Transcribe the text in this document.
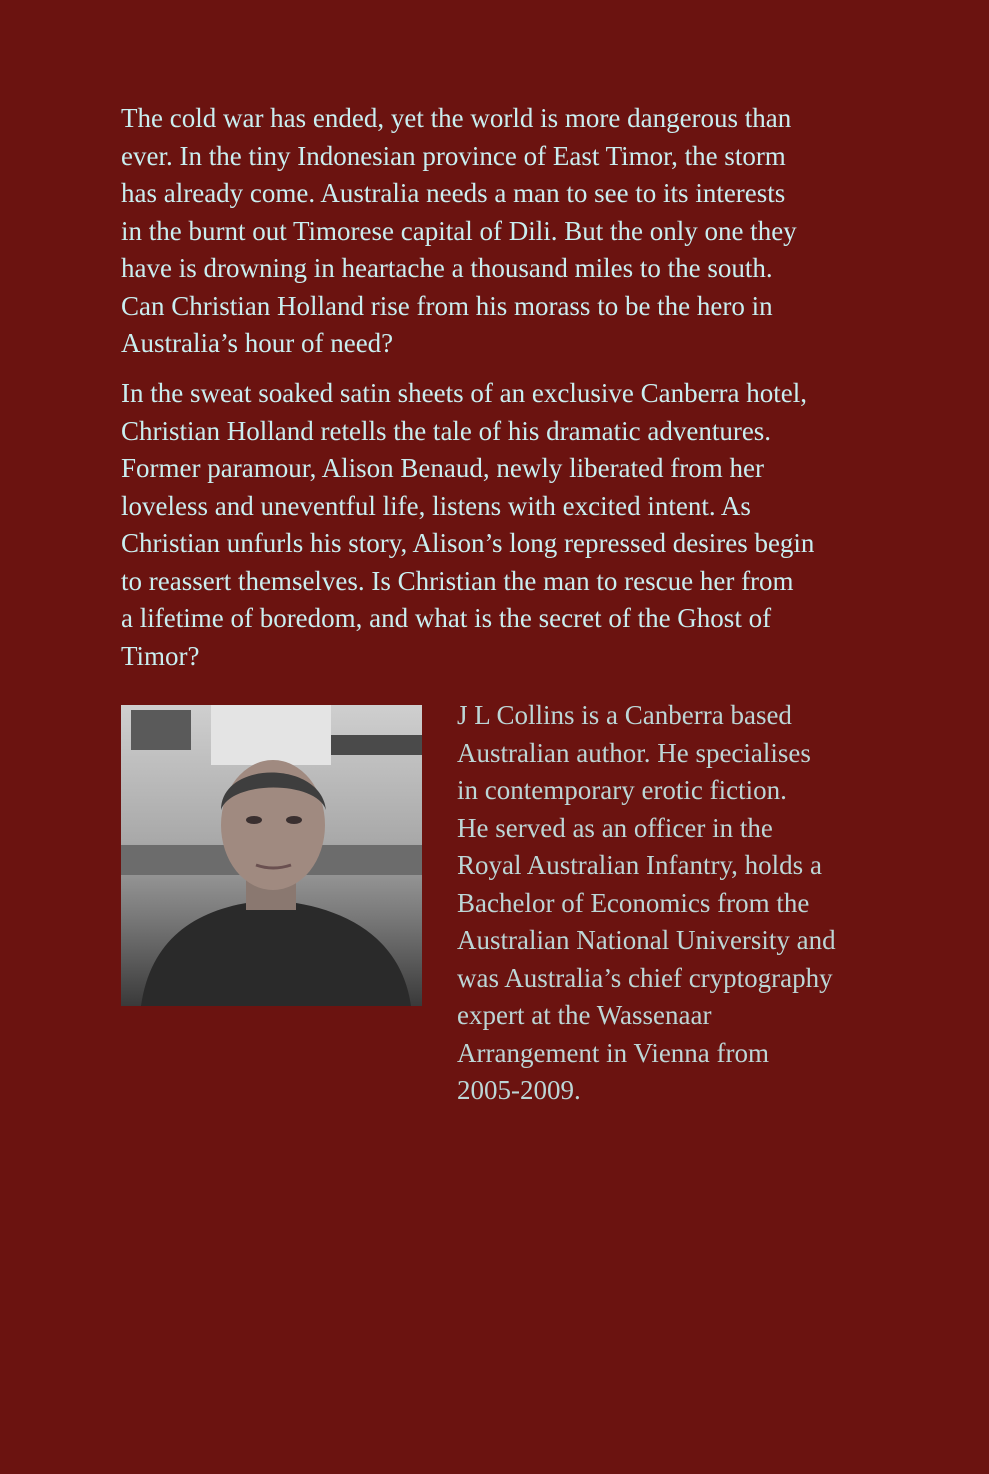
The cold war has ended, yet the world is more dangerous than
ever. In the tiny Indonesian province of East Timor, the storm
has already come. Australia needs a man to see to its interests
in the burnt out Timorese capital of Dili. But the only one they
have is drowning in heartache a thousand miles to the south.
Can Christian Holland rise from his morass to be the hero in
Australia’s hour of need?

In the sweat soaked satin sheets of an exclusive Canberra hotel,
Christian Holland retells the tale of his dramatic adventures.
Former paramour, Alison Benaud, newly liberated from her
loveless and uneventful life, listens with excited intent. As
Christian unfurls his story, Alison’s long repressed desires begin
to reassert themselves. Is Christian the man to rescue her from
a lifetime of boredom, and what is the secret of the Ghost of
Timor?

J L Collins is a Canberra based
Australian author. He specialises
in contemporary erotic fiction.
He served as an officer in the
Royal Australian Infantry, holds a
Bachelor of Economics from the
Australian National University and
was Australia’s chief cryptography
expert at the Wassenaar
Arrangement in Vienna from
2005-2009.
